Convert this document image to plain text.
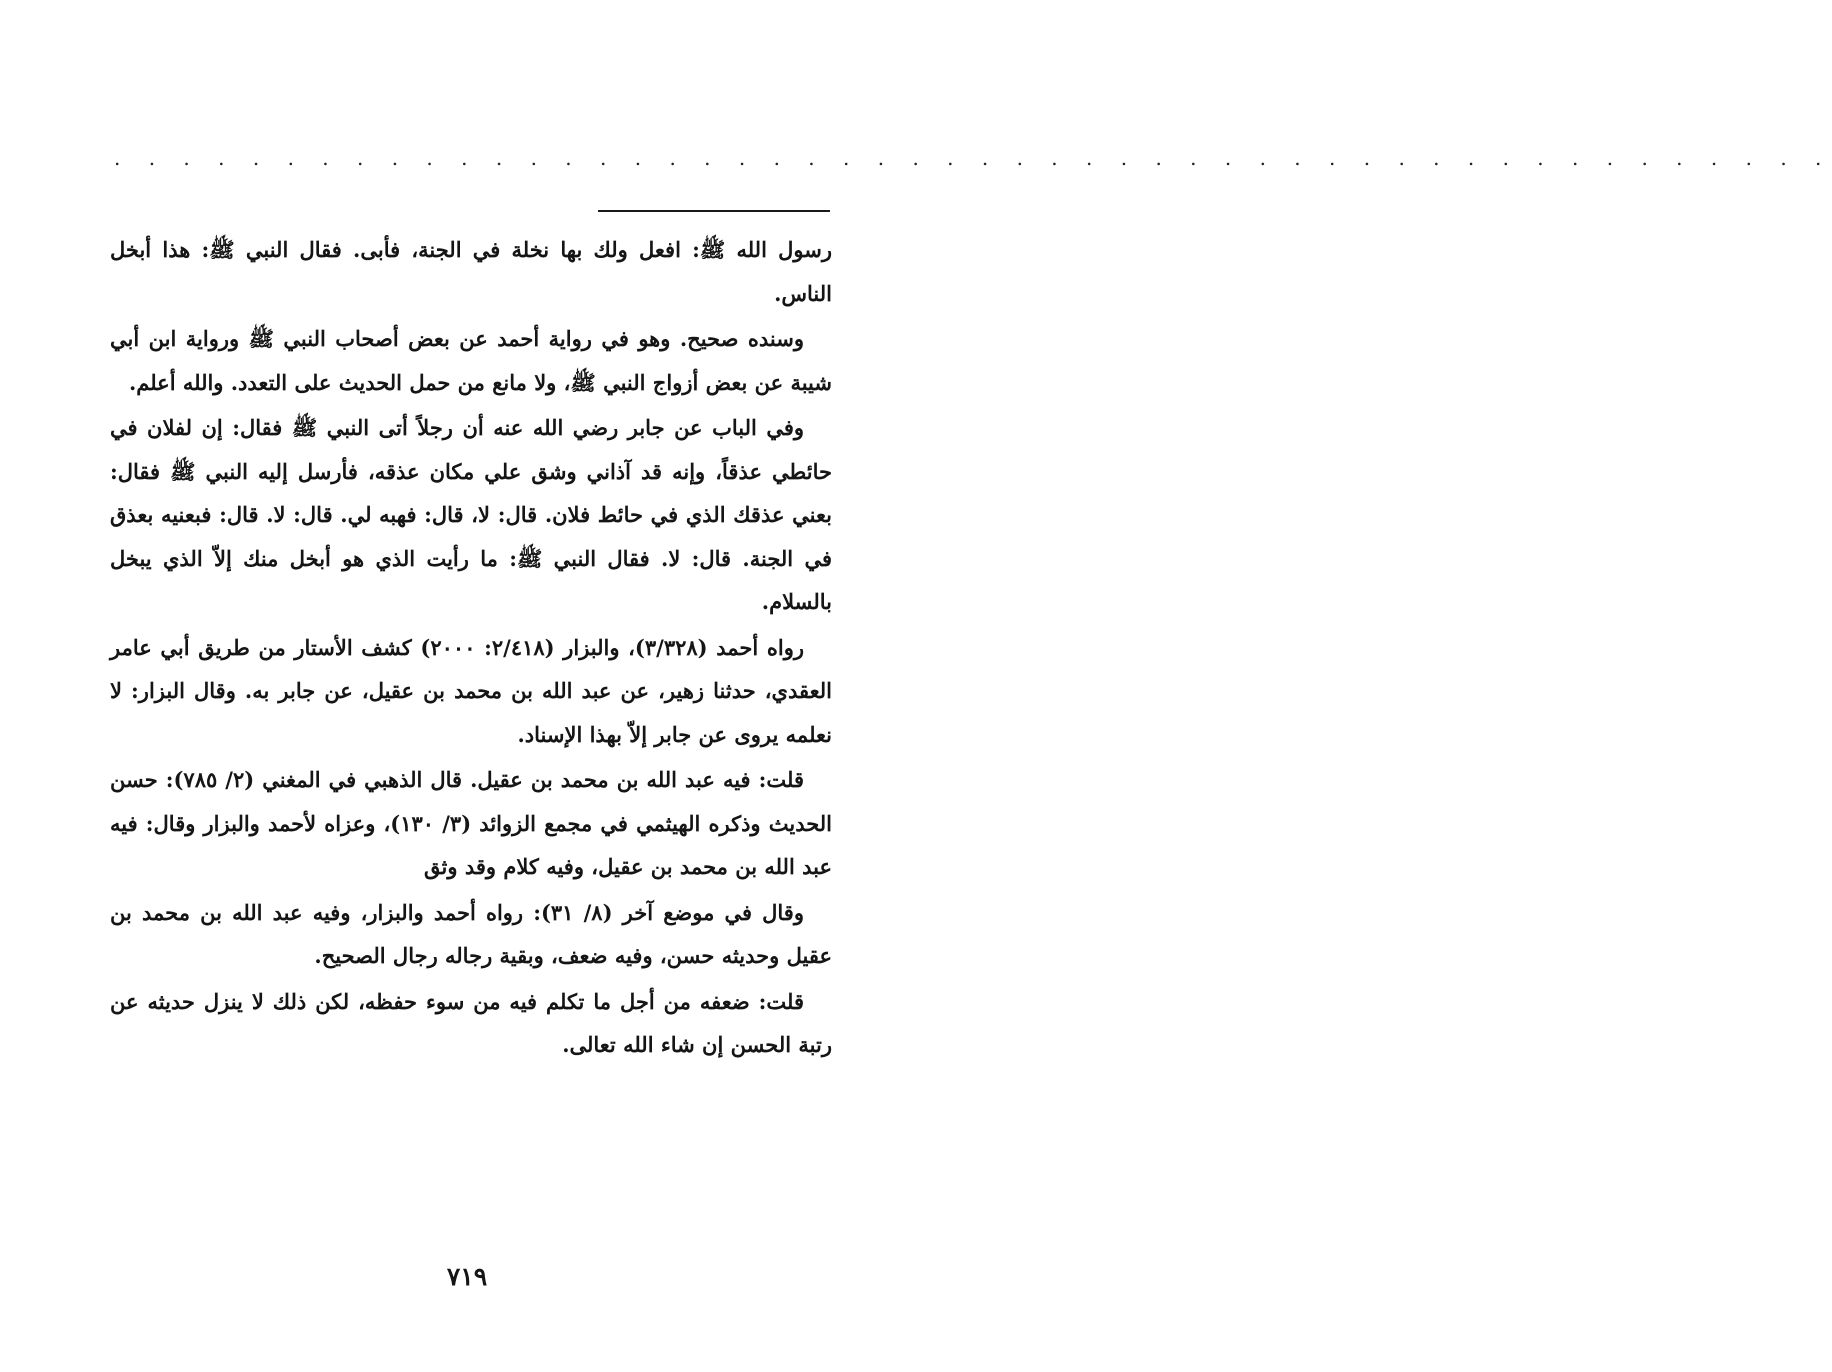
. . . . . . . . . . . . . . . . . . . . . . . . . . . . . . . . . . . . . . . . . . . . . . . . . .

رسول الله ﷺ: افعل ولك بها نخلة في الجنة، فأبى. فقال النبي ﷺ: هذا أبخل الناس.

وسنده صحيح. وهو في رواية أحمد عن بعض أصحاب النبي ﷺ ورواية ابن أبي شيبة عن بعض أزواج النبي ﷺ، ولا مانع من حمل الحديث على التعدد. والله أعلم.

وفي الباب عن جابر رضي الله عنه أن رجلاً أتى النبي ﷺ فقال: إن لفلان في حائطي عذقاً، وإنه قد آذاني وشق علي مكان عذقه، فأرسل إليه النبي ﷺ فقال: بعني عذقك الذي في حائط فلان. قال: لا، قال: فهبه لي. قال: لا. قال: فبعنيه بعذق في الجنة. قال: لا. فقال النبي ﷺ: ما رأيت الذي هو أبخل منك إلاّ الذي يبخل بالسلام.

رواه أحمد (٣/٣٢٨)، والبزار (٢/٤١٨: ٢٠٠٠) كشف الأستار من طريق أبي عامر العقدي، حدثنا زهير، عن عبد الله بن محمد بن عقيل، عن جابر به. وقال البزار: لا نعلمه يروى عن جابر إلاّ بهذا الإسناد.

قلت: فيه عبد الله بن محمد بن عقيل. قال الذهبي في المغني (٢/ ٧٨٥): حسن الحديث وذكره الهيثمي في مجمع الزوائد (٣/ ١٣٠)، وعزاه لأحمد والبزار وقال: فيه عبد الله بن محمد بن عقيل، وفيه كلام وقد وثق

وقال في موضع آخر (٨/ ٣١): رواه أحمد والبزار، وفيه عبد الله بن محمد بن عقيل وحديثه حسن، وفيه ضعف، وبقية رجاله رجال الصحيح.

قلت: ضعفه من أجل ما تكلم فيه من سوء حفظه، لكن ذلك لا ينزل حديثه عن رتبة الحسن إن شاء الله تعالى.

٧١٩
